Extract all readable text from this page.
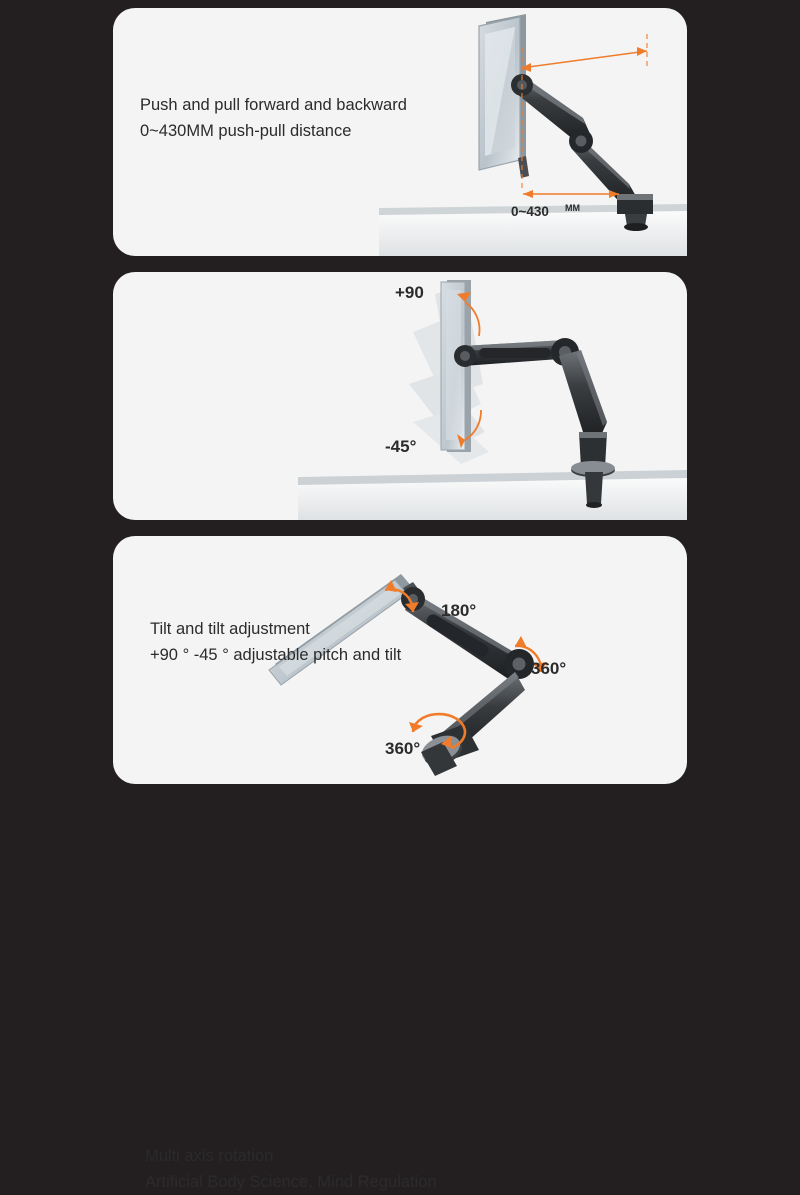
0~430 MM
Push and pull forward and backward
0~430MM push-pull distance
+90
-45°
Tilt and tilt adjustment
+90 ° -45 ° adjustable pitch and tilt
180°
360°
360°
Multi axis rotation
Artificial Body Science, Mind Regulation
